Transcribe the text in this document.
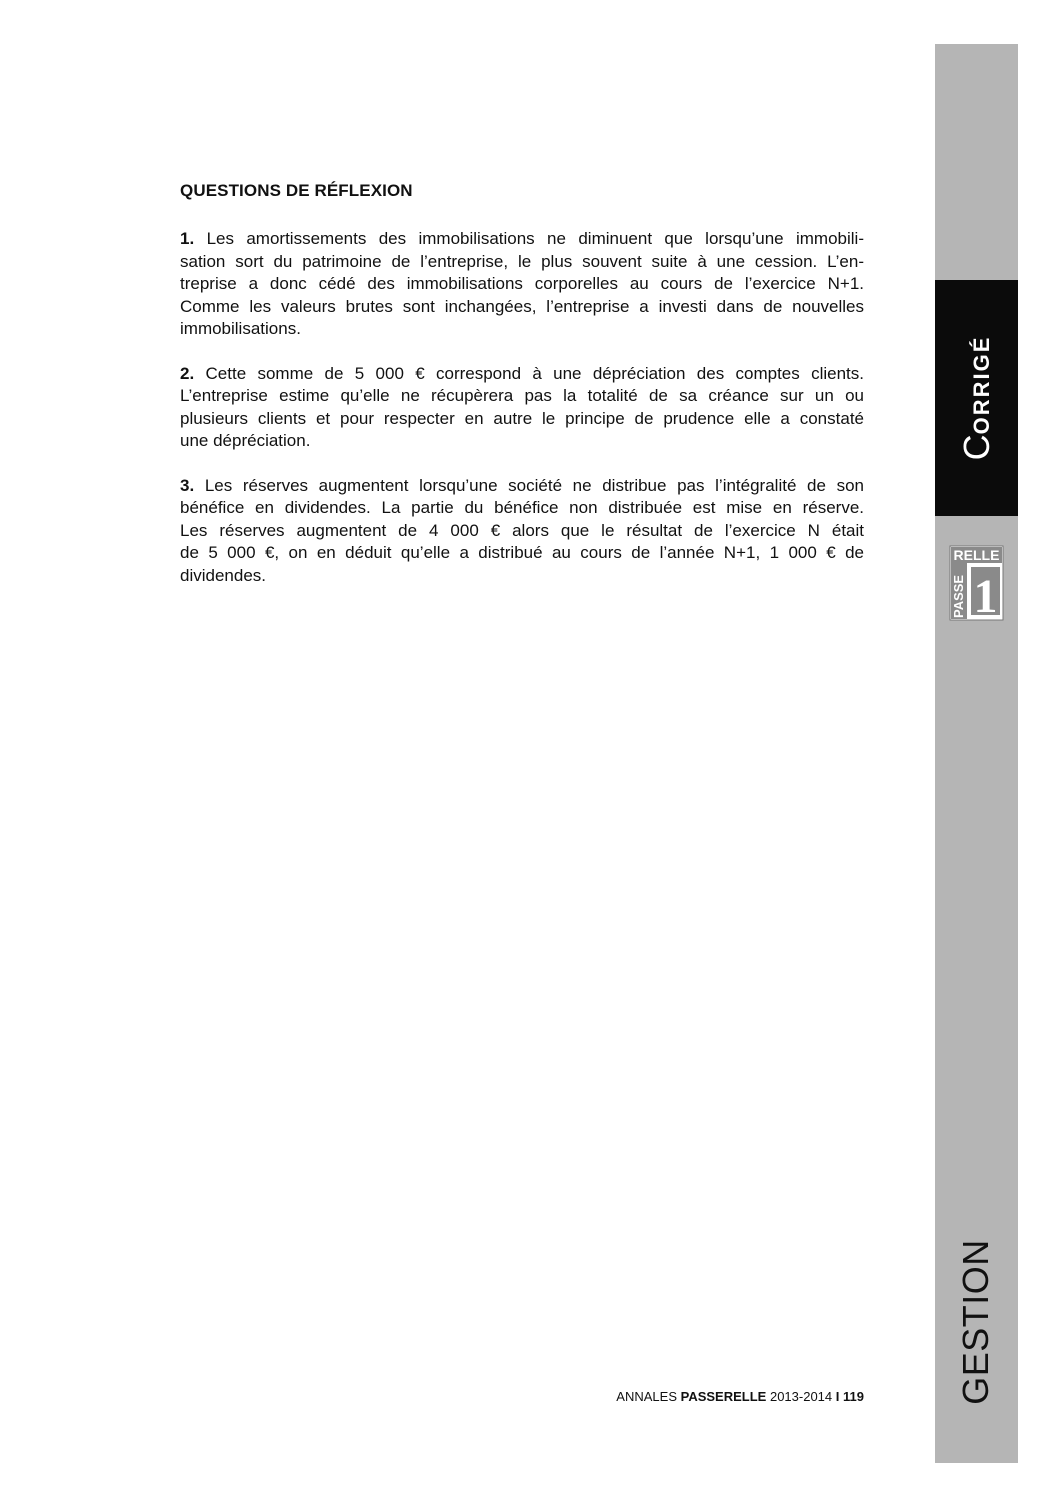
QUESTIONS DE RÉFLEXION
1. Les amortissements des immobilisations ne diminuent que lorsqu’une immobili-
sation sort du patrimoine de l’entreprise, le plus souvent suite à une cession. L’en-
treprise a donc cédé des immobilisations corporelles au cours de l’exercice N+1.
Comme les valeurs brutes sont inchangées, l’entreprise a investi dans de nouvelles
immobilisations.
2. Cette somme de 5 000 € correspond à une dépréciation des comptes clients.
L’entreprise estime qu’elle ne récupèrera pas la totalité de sa créance sur un ou
plusieurs clients et pour respecter en autre le principe de prudence elle a constaté
une dépréciation.
3. Les réserves augmentent lorsqu’une société ne distribue pas l’intégralité de son
bénéfice en dividendes. La partie du bénéfice non distribuée est mise en réserve.
Les réserves augmentent de 4 000 € alors que le résultat de l’exercice N était
de 5 000 €, on en déduit qu’elle a distribué au cours de l’année N+1, 1 000 € de
dividendes.
ANNALES PASSERELLE 2013-2014 I 119
CORRIGÉ
RELLE
PASSE 1
GESTION
